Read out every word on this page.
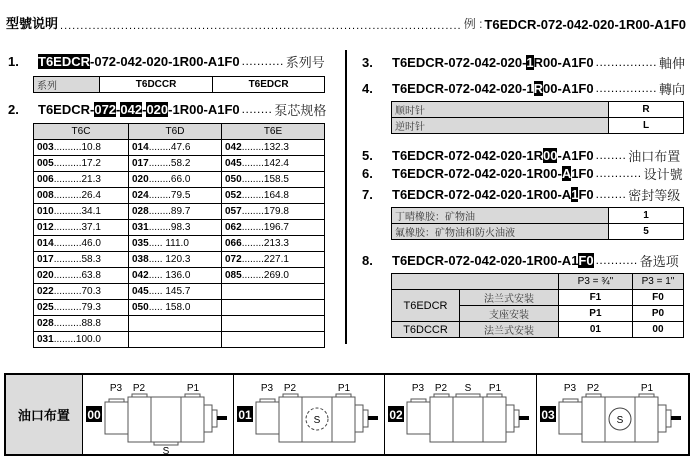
型號说明 .....	例 : T6EDCR-072-042-020-1R00-A1F0
1.	T6EDCR-072-042-020-1R00-A1F0 ........... 系列号
系列	T6DCCR	T6EDCR
2.	T6EDCR-072-042-020-1R00-A1F0 ........ 泵芯规格
T6C	T6D	T6E
003..........10.8	014........47.6	042........132.3
005..........17.2	017........58.2	045........142.4
006..........21.3	020........66.0	050........158.5
008..........26.4	024........79.5	052........164.8
010..........34.1	028........89.7	057........179.8
012..........37.1	031........98.3	062........196.7
014..........46.0	035..... 111.0	066........213.3
017..........58.3	038..... 120.3	072........227.1
020..........63.8	042..... 136.0	085........269.0
022..........70.3	045..... 145.7	
025..........79.3	050..... 158.0	
028..........88.8		
031........100.0		
3.	T6EDCR-072-042-020-1R00-A1F0 ................ 軸伸
4.	T6EDCR-072-042-020-1R00-A1F0 ................ 轉向
顺时针	R
逆时针	L
5.	T6EDCR-072-042-020-1R00-A1F0 ........ 油口布置
6.	T6EDCR-072-042-020-1R00-A1F0 ............ 设计號
7.	T6EDCR-072-042-020-1R00-A1F0 ........ 密封等级
丁晴橡胶：矿物油	1
氟橡胶：矿物油和防火油液	5
8.	T6EDCR-072-042-020-1R00-A1F0 ........... 备选项
		P3 = ¾"	P3 = 1"
T6EDCR	法兰式安装	F1	F0
	支座安装	P1	P0
T6DCCR	法兰式安装	01	00
油口布置	00
P3 P2	P1
S
01
P3 P2	P1
S	02
P3 P2 S P1
03
P3 P2	P1
S
